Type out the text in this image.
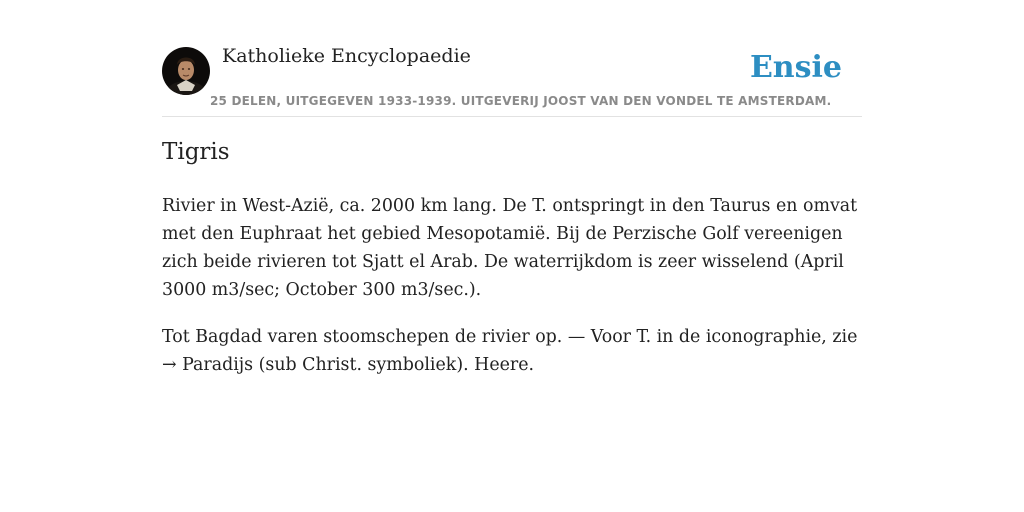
Katholieke Encyclopaedie
25 DELEN, UITGEGEVEN 1933-1939. UITGEVERIJ JOOST VAN DEN VONDEL TE AMSTERDAM.
Ensie
Tigris

Rivier in West-Azië, ca. 2000 km lang. De T. ontspringt in den Taurus en omvat met den Euphraat het gebied Mesopotamië. Bij de Perzische Golf vereenigen zich beide rivieren tot Sjatt el Arab. De waterrijkdom is zeer wisselend (April 3000 m3/sec; October 300 m3/sec.).

Tot Bagdad varen stoomschepen de rivier op. — Voor T. in de iconographie, zie → Paradijs (sub Christ. symboliek). Heere.
